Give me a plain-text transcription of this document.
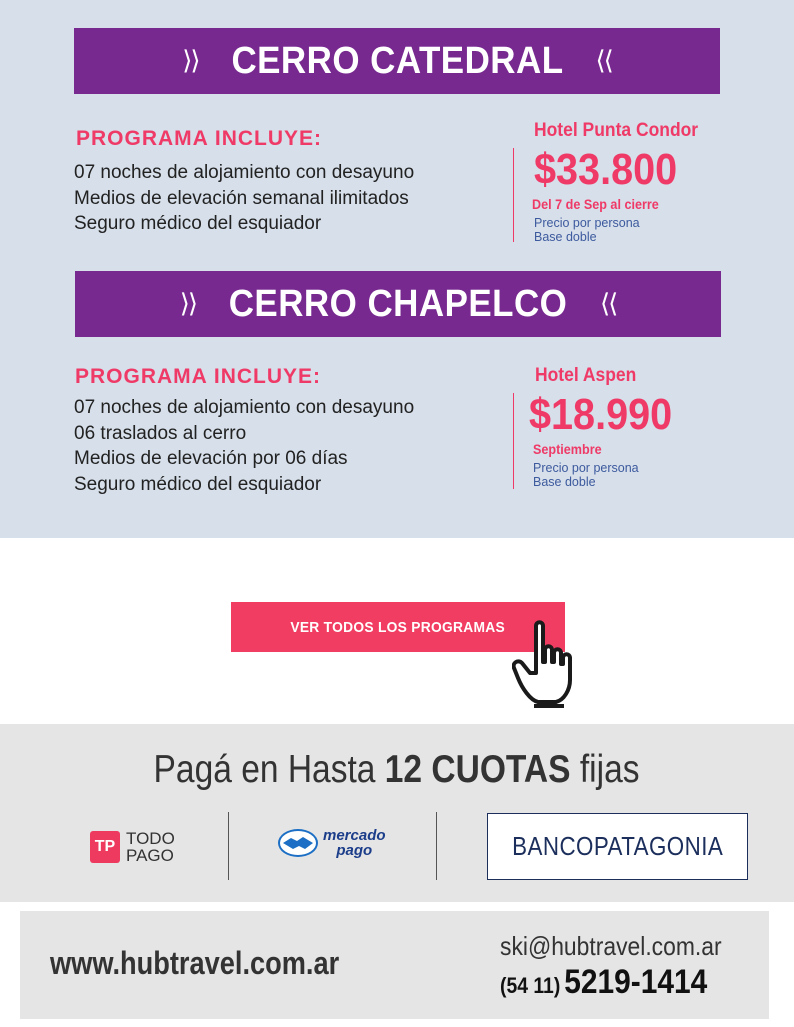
⟩⟩ CERRO CATEDRAL ⟨⟨
PROGRAMA INCLUYE:
07 noches de alojamiento con desayuno
Medios de elevación semanal ilimitados
Seguro médico del esquiador
Hotel Punta Condor
$33.800
Del 7 de Sep al cierre
Precio por persona
Base doble
⟩⟩ CERRO CHAPELCO ⟨⟨
PROGRAMA INCLUYE:
07 noches de alojamiento con desayuno
06 traslados al cerro
Medios de elevación por 06 días
Seguro médico del esquiador
Hotel Aspen
$18.990
Septiembre
Precio por persona
Base doble
VER TODOS LOS PROGRAMAS
Pagá en Hasta 12 CUOTAS fijas
TP TODO
PAGO
mercado
pago	BANCOPATAGONIA
www.hubtravel.com.ar	ski@hubtravel.com.ar
(54 11) 5219-1414
